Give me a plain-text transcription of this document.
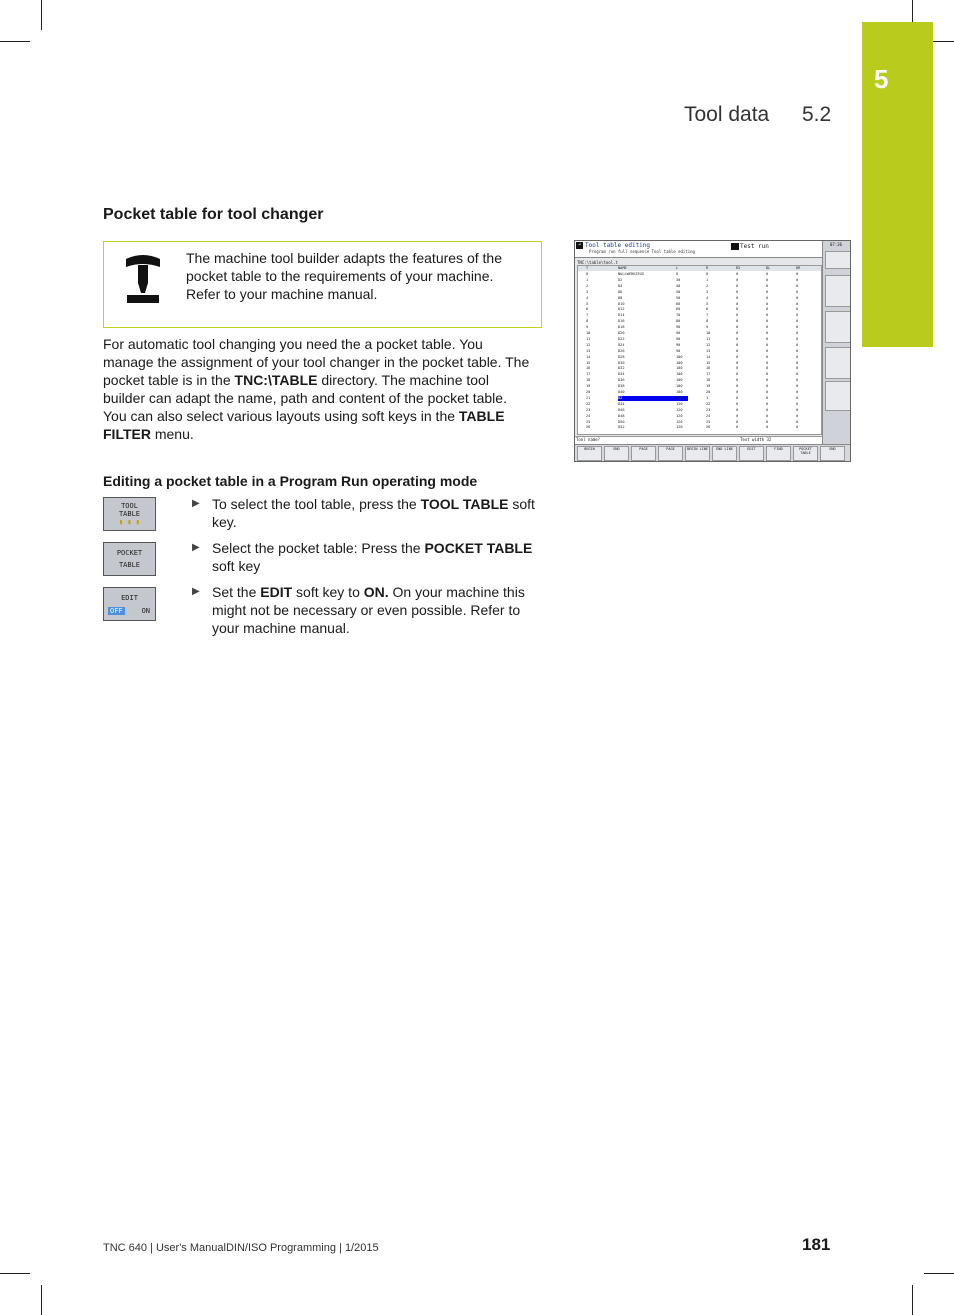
5
Tool data 5.2
Pocket table for tool changer
The machine tool builder adapts the features of the pocket table to the requirements of your machine. Refer to your machine manual.
For automatic tool changing you need the a pocket table. You manage the assignment of your tool changer in the pocket table. The pocket table is in the TNC:\TABLE directory. The machine tool builder can adapt the name, path and content of the pocket table. You can also select various layouts using soft keys in the TABLE FILTER menu.
Editing a pocket table in a Program Run operating mode
TOOL
TABLE
▮ ▮ ▮
▶ To select the tool table, press the TOOL TABLE soft key.
POCKET
TABLE
▶ Select the pocket table: Press the POCKET TABLE soft key
EDIT
OFF	ON
▶ Set the EDIT soft key to ON. On your machine this might not be necessary or even possible. Refer to your machine manual.
➔ Tool table editing
Program run full sequence Tool table editing
Test run
TNC:\table\tool.t
T	NAME	L	R	R2	DL	DR
0	NULLWERKZEUG	0	0	0	0	0
1	D2	30	1	0	0	0
2	D4	40	2	0	0	0
3	D6	50	3	0	0	0
4	D8	50	4	0	0	0
5	D10	60	5	0	0	0
6	D12	60	6	0	0	0
7	D14	70	7	0	0	0
8	D16	80	8	0	0	0
9	D18	90	9	0	0	0
10	D20	90	10	0	0	0
11	D22	90	11	0	0	0
12	D24	90	12	0	0	0
13	D26	90	13	0	0	0
14	D28	100	14	0	0	0
15	D30	100	15	0	0	0
16	D32	100	16	0	0	0
17	D34	100	17	0	0	0
18	D36	100	18	0	0	0
19	D38	100	19	0	0	0
20	D40	100	20	0	0	0
21	D2	100	1	0	0	0
22	D44	120	22	0	0	0
23	D46	120	23	0	0	0
24	D48	120	24	0	0	0
25	D50	120	25	0	0	0
26	D52	120	26	0	0	0
Tool name?	Text width 32
BEGIN	END	PAGE	PAGE	BEGIN LINE	END LINE	EDIT	FIND	POCKET TABLE
END
07:36
TNC 640 | User's ManualDIN/ISO Programming | 1/2015	181
